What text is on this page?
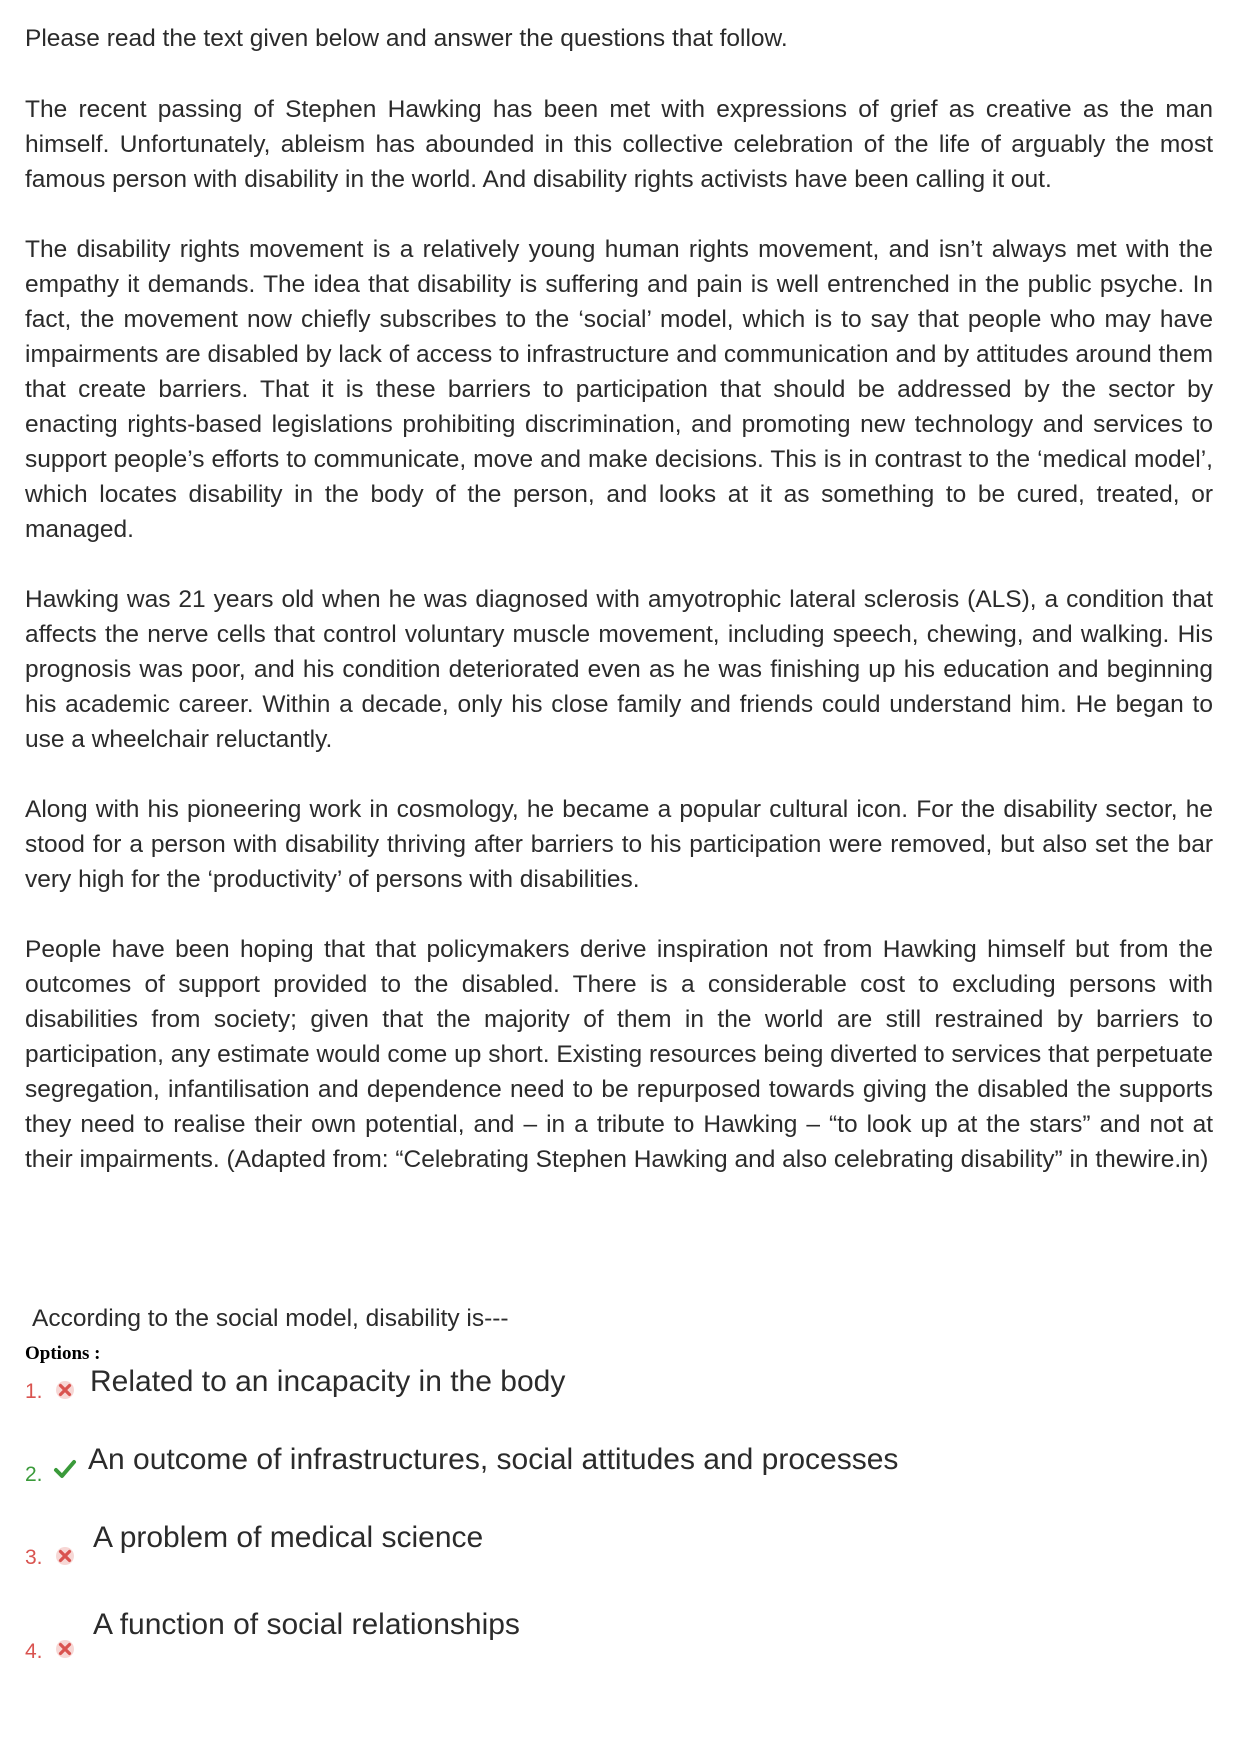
Please read the text given below and answer the questions that follow.

The recent passing of Stephen Hawking has been met with expressions of grief as creative as the man himself. Unfortunately, ableism has abounded in this collective celebration of the life of arguably the most famous person with disability in the world. And disability rights activists have been calling it out.

The disability rights movement is a relatively young human rights movement, and isn’t always met with the empathy it demands. The idea that disability is suffering and pain is well entrenched in the public psyche. In fact, the movement now chiefly subscribes to the ‘social’ model, which is to say that people who may have impairments are disabled by lack of access to infrastructure and communication and by attitudes around them that create barriers. That it is these barriers to participation that should be addressed by the sector by enacting rights-based legislations prohibiting discrimination, and promoting new technology and services to support people’s efforts to communicate, move and make decisions. This is in contrast to the ‘medical model’, which locates disability in the body of the person, and looks at it as something to be cured, treated, or managed.

Hawking was 21 years old when he was diagnosed with amyotrophic lateral sclerosis (ALS), a condition that affects the nerve cells that control voluntary muscle movement, including speech, chewing, and walking. His prognosis was poor, and his condition deteriorated even as he was finishing up his education and beginning his academic career. Within a decade, only his close family and friends could understand him. He began to use a wheelchair reluctantly.

Along with his pioneering work in cosmology, he became a popular cultural icon. For the disability sector, he stood for a person with disability thriving after barriers to his participation were removed, but also set the bar very high for the ‘productivity’ of persons with disabilities.

People have been hoping that that policymakers derive inspiration not from Hawking himself but from the outcomes of support provided to the disabled. There is a considerable cost to excluding persons with disabilities from society; given that the majority of them in the world are still restrained by barriers to participation, any estimate would come up short. Existing resources being diverted to services that perpetuate segregation, infantilisation and dependence need to be repurposed towards giving the disabled the supports they need to realise their own potential, and – in a tribute to Hawking – “to look up at the stars” and not at their impairments. (Adapted from: “Celebrating Stephen Hawking and also celebrating disability” in thewire.in)

According to the social model, disability is---
Options :
1. Related to an incapacity in the body
2. An outcome of infrastructures, social attitudes and processes
3.
A problem of medical science
4.
A function of social relationships
